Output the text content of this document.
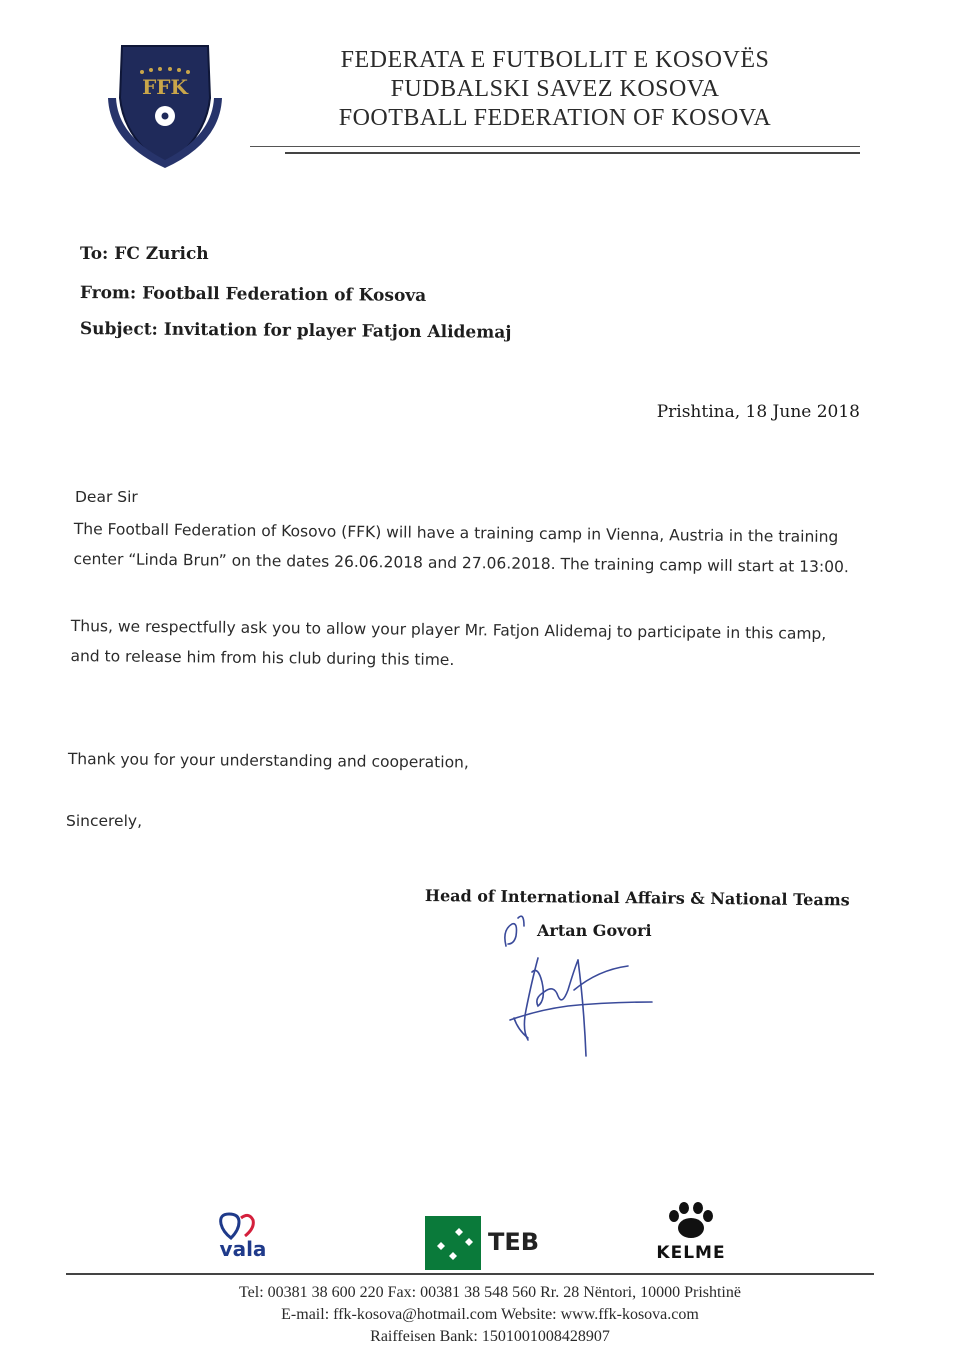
FFK
FEDERATA E FUTBOLLIT E KOSOVËS
FUDBALSKI SAVEZ KOSOVA
FOOTBALL FEDERATION OF KOSOVA
To: FC Zurich
From: Football Federation of Kosova
Subject: Invitation for player Fatjon Alidemaj
Prishtina, 18 June 2018
Dear Sir
The Football Federation of Kosovo (FFK) will have a training camp in Vienna, Austria in the training
center “Linda Brun” on the dates 26.06.2018 and 27.06.2018. The training camp will start at 13:00.
Thus, we respectfully ask you to allow your player Mr. Fatjon Alidemaj to participate in this camp,
and to release him from his club during this time.
Thank you for your understanding and cooperation,
Sincerely,
Head of International Affairs & National Teams
Artan Govori
vala	TEB	KELME
Tel: 00381 38 600 220 Fax: 00381 38 548 560 Rr. 28 Nëntori, 10000 Prishtinë
E-mail: ffk-kosova@hotmail.com Website: www.ffk-kosova.com
Raiffeisen Bank: 1501001008428907
